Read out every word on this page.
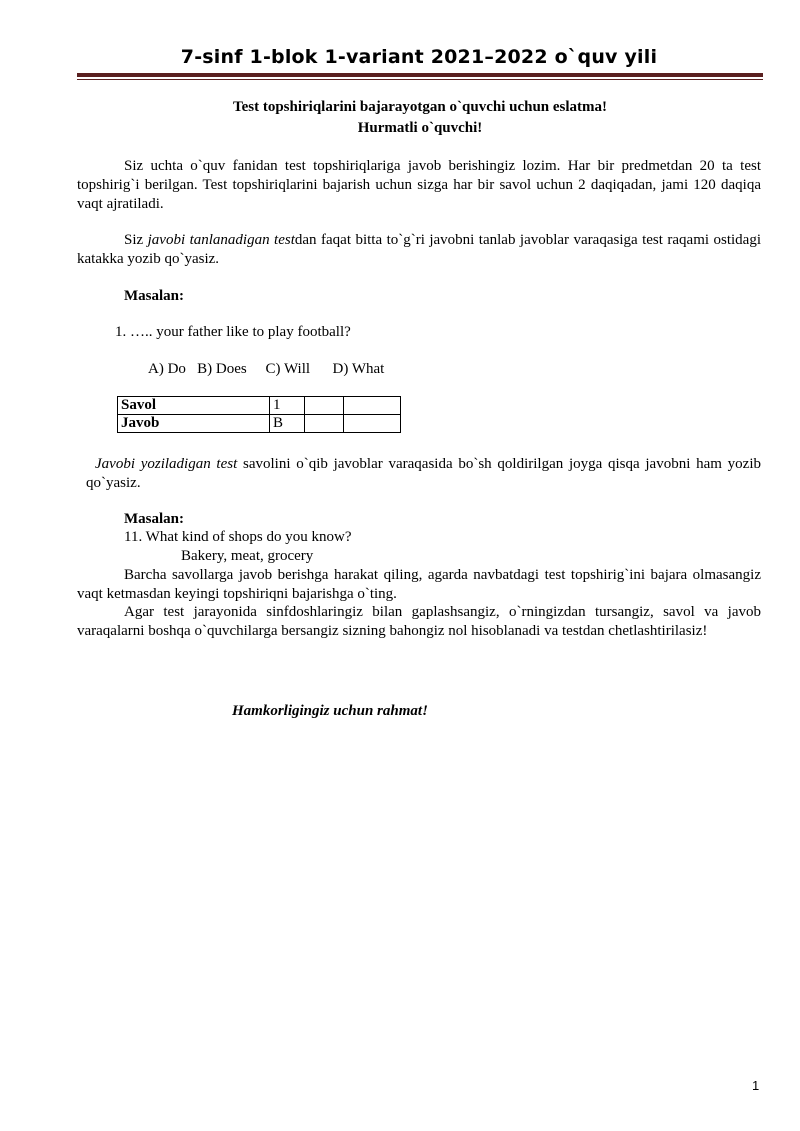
7-sinf 1-blok 1-variant 2021–2022 o`quv yili
Test topshiriqlarini bajarayotgan o`quvchi uchun eslatma!
Hurmatli o`quvchi!
Siz uchta o`quv fanidan test topshiriqlariga javob berishingiz lozim. Har bir predmetdan 20 ta test topshirig`i berilgan. Test topshiriqlarini bajarish uchun sizga har bir savol uchun 2 daqiqadan, jami 120 daqiqa vaqt ajratiladi.
Siz javobi tanlanadigan testdan faqat bitta to`g`ri javobni tanlab javoblar varaqasiga test raqami ostidagi katakka yozib qo`yasiz.
Masalan:
1. ….. your father like to play football?
A) Do   B) Does     C) Will      D) What
Savol	1		
Javob	B		
Javobi yoziladigan test savolini o`qib javoblar varaqasida bo`sh qoldirilgan joyga qisqa javobni ham yozib qo`yasiz.
Masalan:
11. What kind of shops do you know?
Bakery, meat, grocery
Barcha savollarga javob berishga harakat qiling, agarda navbatdagi test topshirig`ini bajara olmasangiz vaqt ketmasdan keyingi topshiriqni bajarishga o`ting.
Agar test jarayonida sinfdoshlaringiz bilan gaplashsangiz, o`rningizdan tursangiz, savol va javob varaqalarni boshqa o`quvchilarga bersangiz sizning bahongiz nol hisoblanadi va testdan chetlashtirilasiz!
Hamkorligingiz uchun rahmat!
1
